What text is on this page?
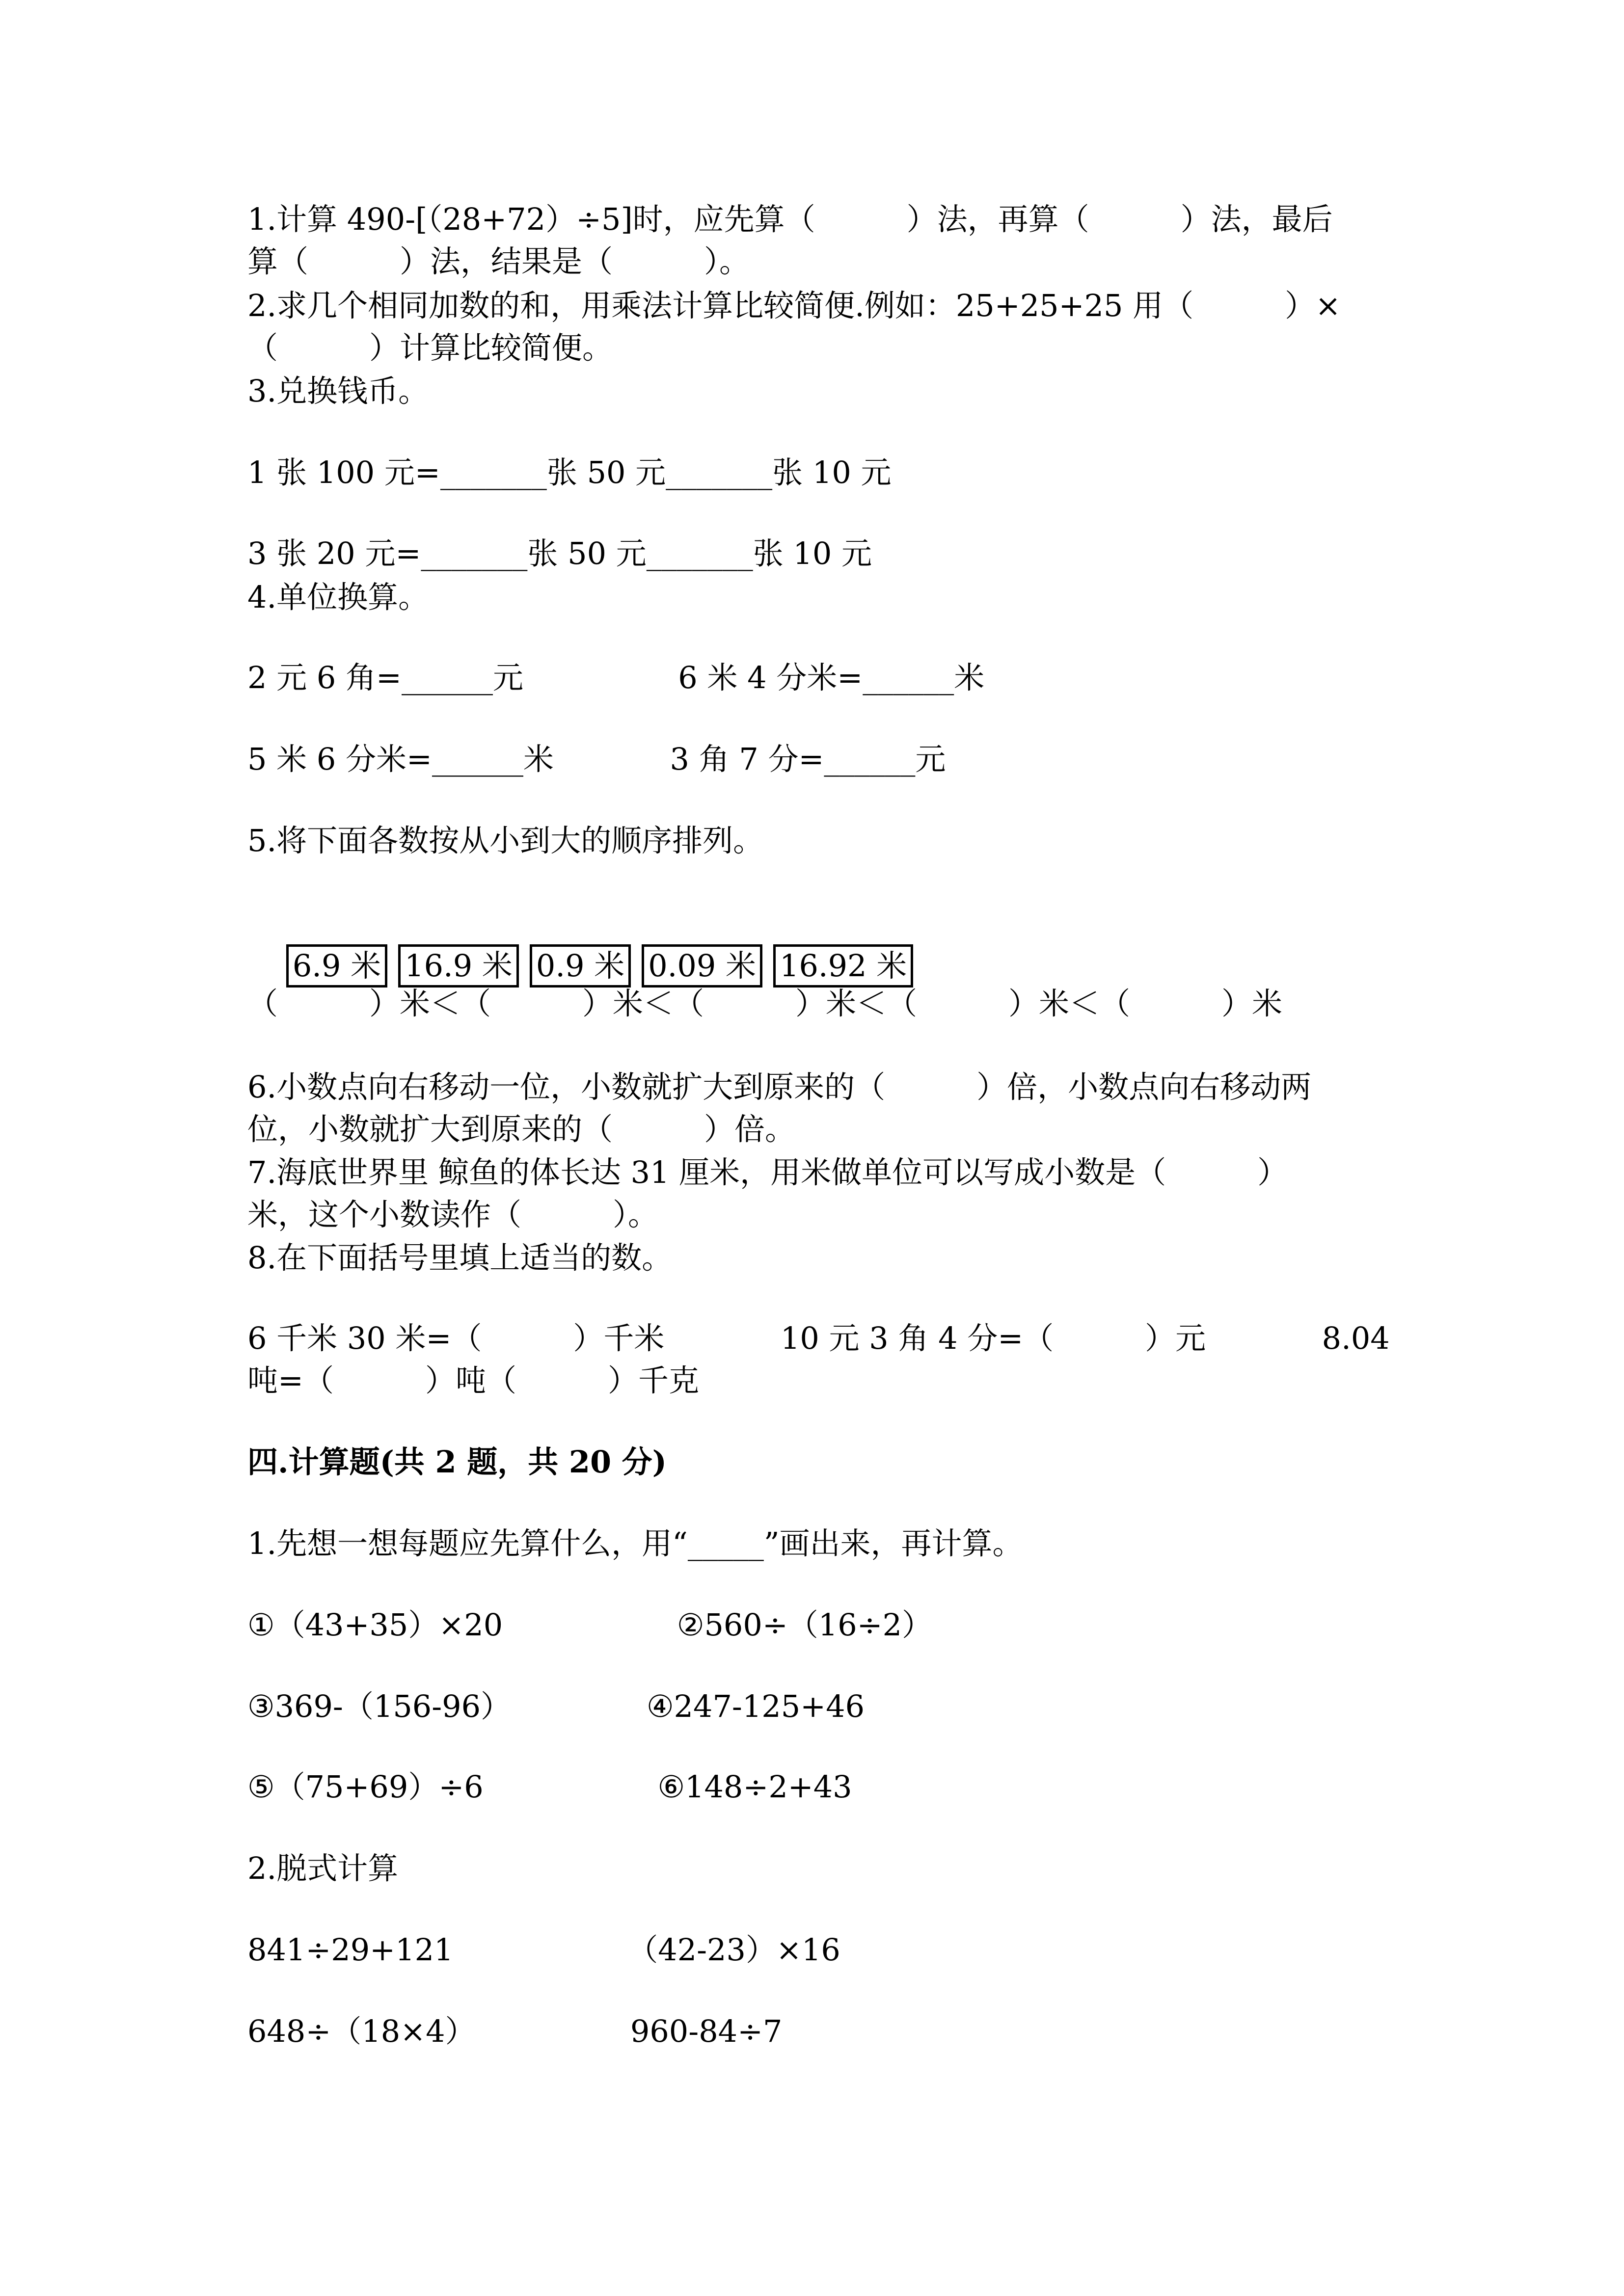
1.计算 490-[（28+72）÷5]时，应先算（　　　）法，再算（　　　）法，最后

算（　　　）法，结果是（　　　）。

2.求几个相同加数的和，用乘法计算比较简便.例如：25+25+25 用（　　　）×

（　　　）计算比较简便。

3.兑换钱币。

1 张 100 元=_______张 50 元_______张 10 元

3 张 20 元=_______张 50 元_______张 10 元

4.单位换算。

2 元 6 角=______元                6 米 4 分米=______米

5 米 6 分米=______米            3 角 7 分=______元

5.将下面各数按从小到大的顺序排列。

6.9 米 16.9 米 0.9 米 0.09 米 16.92 米

（　　　）米＜（　　　）米＜（　　　）米＜（　　　）米＜（　　　）米

6.小数点向右移动一位，小数就扩大到原来的（　　　）倍，小数点向右移动两

位，小数就扩大到原来的（　　　）倍。

7.海底世界里 鲸鱼的体长达 31 厘米，用米做单位可以写成小数是（　　　）

米，这个小数读作（　　　）。

8.在下面括号里填上适当的数。

6 千米 30 米=（　　　）千米            10 元 3 角 4 分=（　　　）元            8.04

吨=（　　　）吨（　　　）千克

四.计算题(共 2 题，共 20 分)

1.先想一想每题应先算什么，用“_____”画出来，再计算。

①（43+35）×20                  ②560÷（16÷2）

③369-（156-96）              ④247-125+46

⑤（75+69）÷6                  ⑥148÷2+43

2.脱式计算

841÷29+121                  （42-23）×16

648÷（18×4）                960-84÷7
